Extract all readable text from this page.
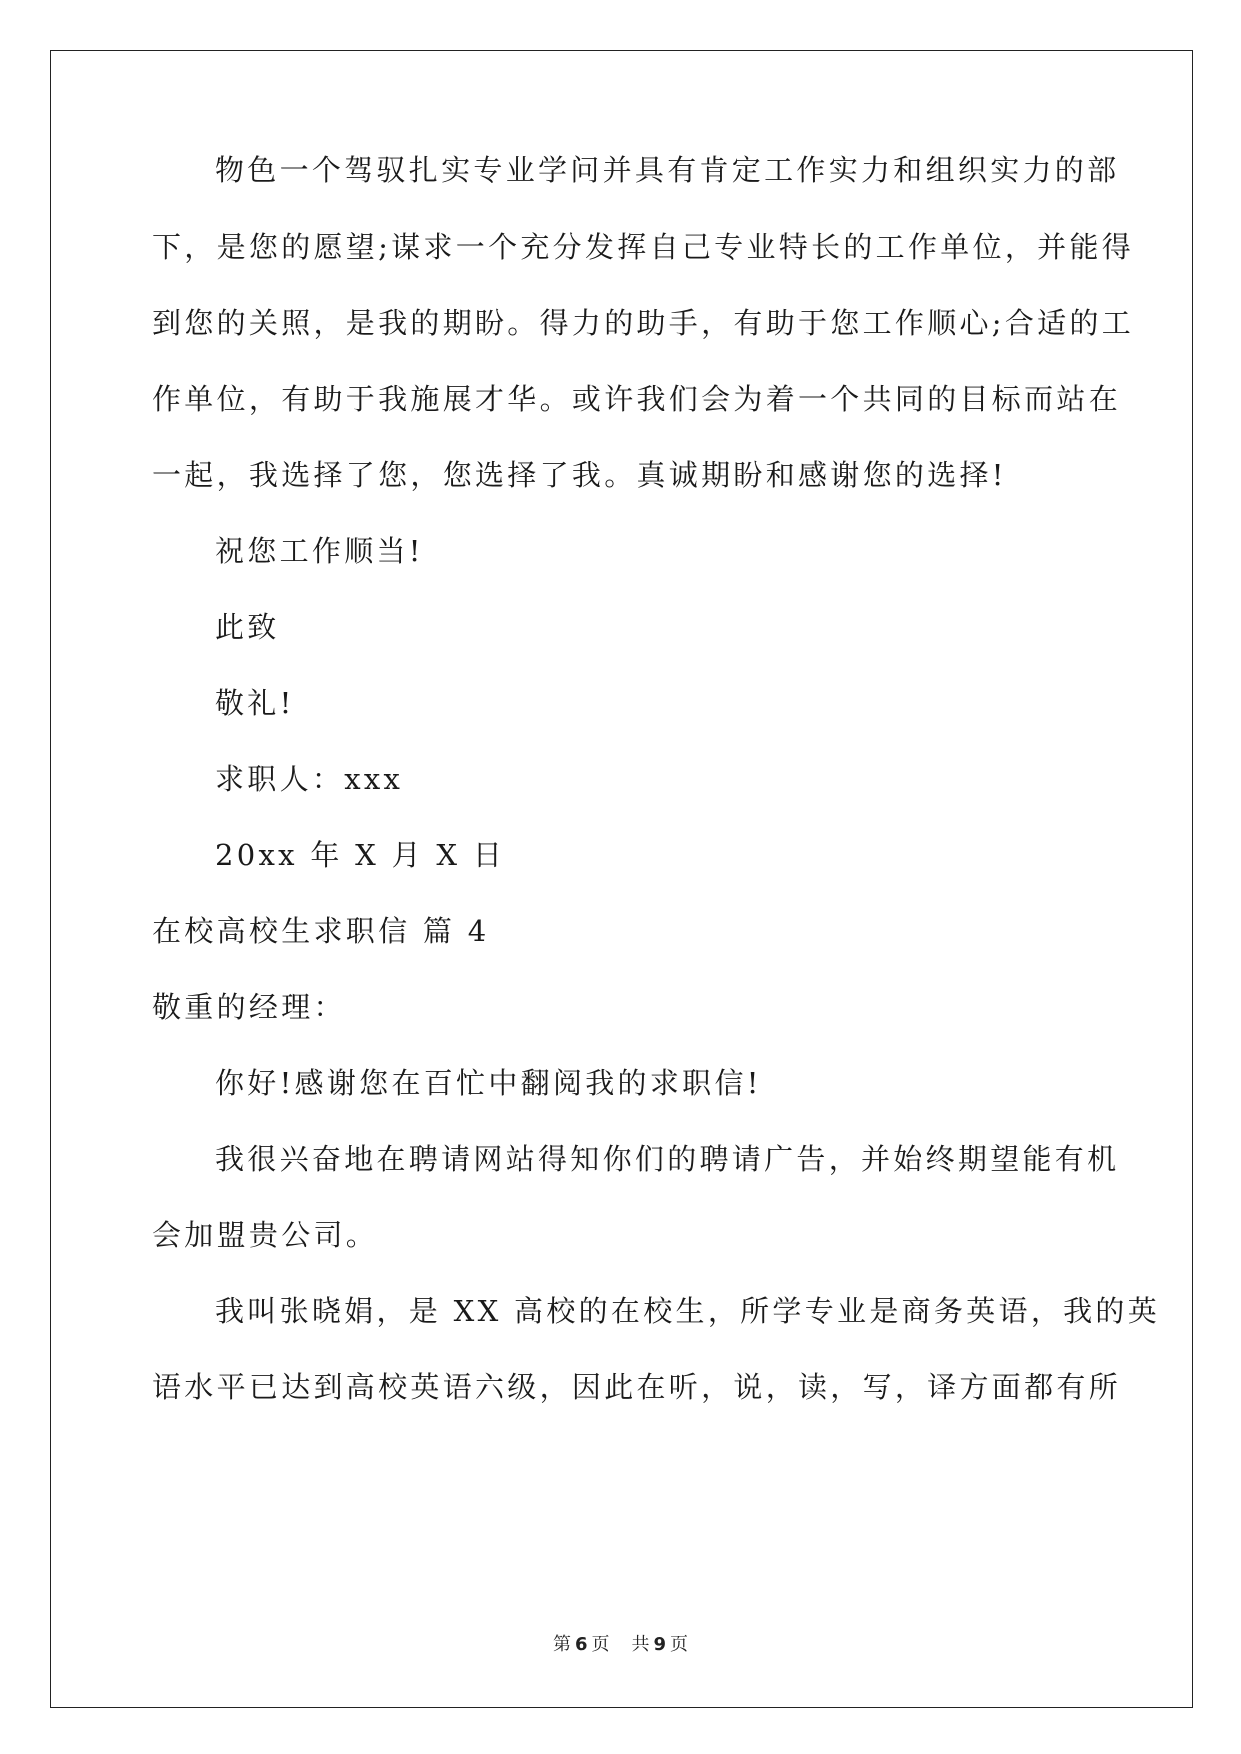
物色一个驾驭扎实专业学问并具有肯定工作实力和组织实力的部
下，是您的愿望;谋求一个充分发挥自己专业特长的工作单位，并能得
到您的关照，是我的期盼。得力的助手，有助于您工作顺心;合适的工
作单位，有助于我施展才华。或许我们会为着一个共同的目标而站在
一起，我选择了您，您选择了我。真诚期盼和感谢您的选择!
祝您工作顺当!
此致
敬礼!
求职人：xxx
20xx 年 X 月 X 日
在校高校生求职信 篇 4
敬重的经理：
你好!感谢您在百忙中翻阅我的求职信!
我很兴奋地在聘请网站得知你们的聘请广告，并始终期望能有机
会加盟贵公司。
我叫张晓娟，是 XX 高校的在校生，所学专业是商务英语，我的英
语水平已达到高校英语六级，因此在听，说，读，写，译方面都有所
第 6 页 共 9 页
